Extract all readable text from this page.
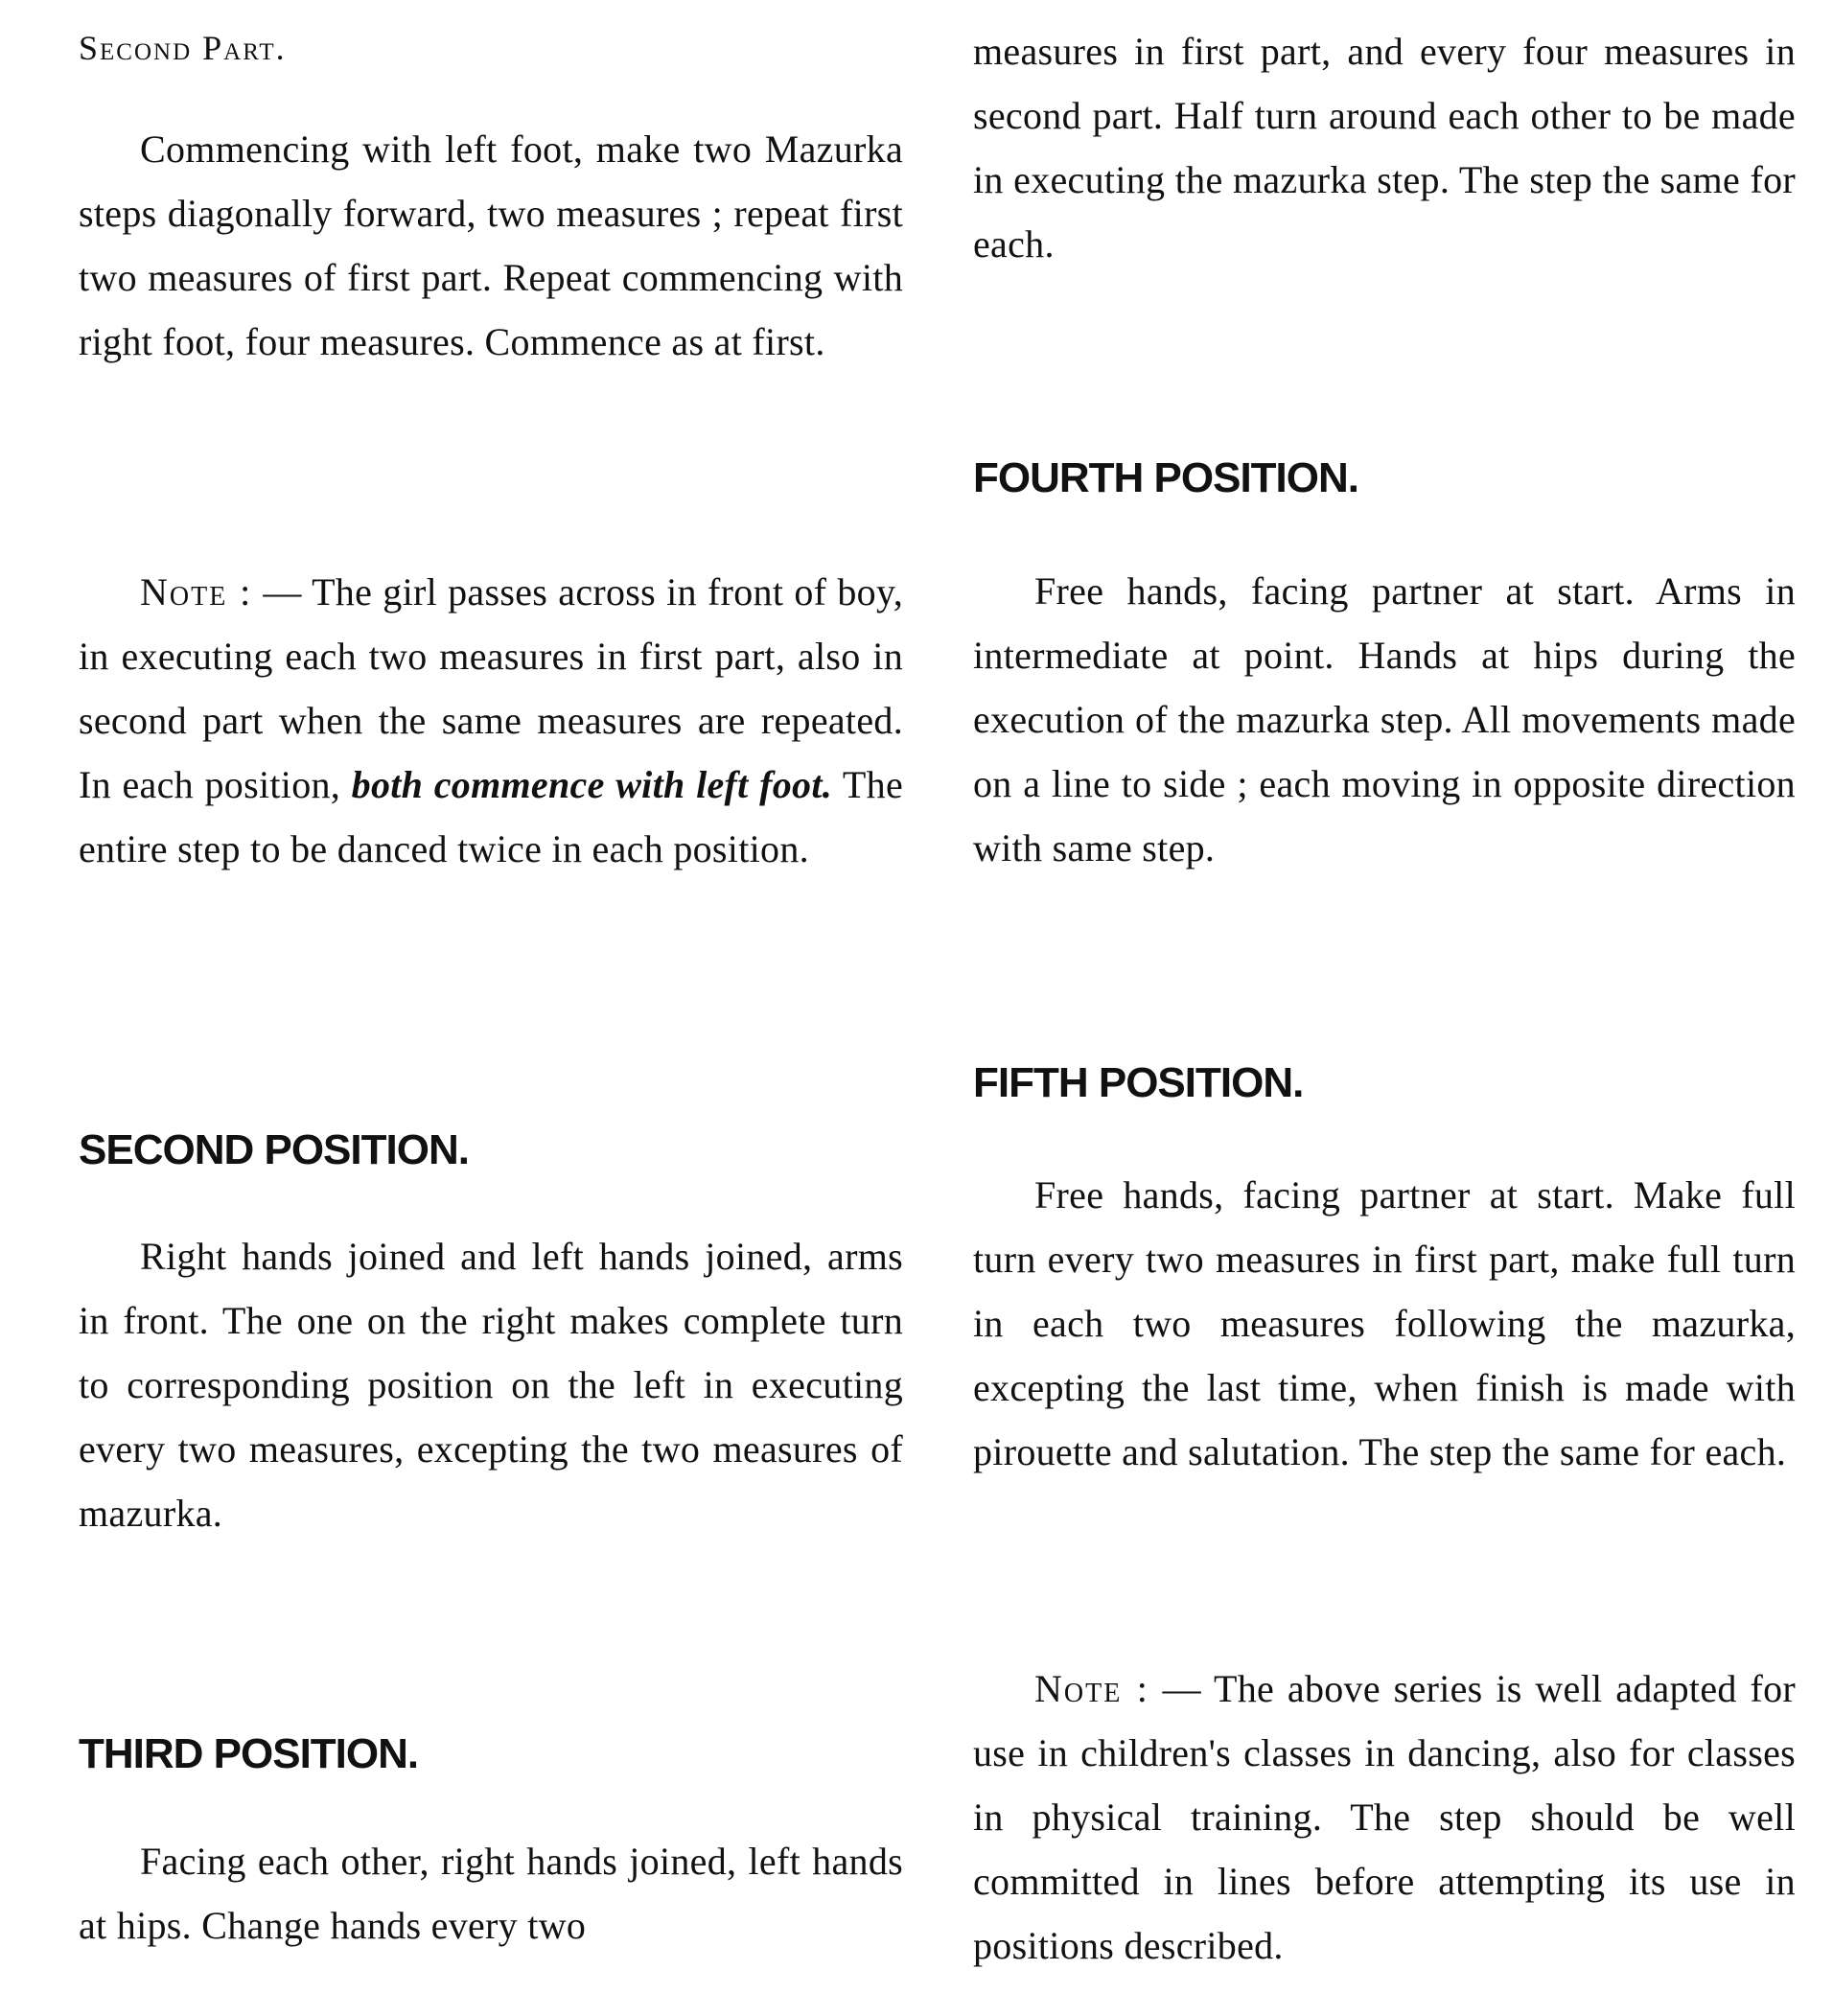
Second Part.

Commencing with left foot, make two Mazurka steps diagonally forward, two measures ; repeat first two measures of first part. Repeat commencing with right foot, four measures. Commence as at first.

Note : — The girl passes across in front of boy, in executing each two measures in first part, also in second part when the same measures are repeated. In each position, both commence with left foot. The entire step to be danced twice in each position.

SECOND POSITION.

Right hands joined and left hands joined, arms in front. The one on the right makes complete turn to corresponding position on the left in executing every two measures, excepting the two measures of mazurka.

THIRD POSITION.

Facing each other, right hands joined, left hands at hips. Change hands every two

measures in first part, and every four measures in second part. Half turn around each other to be made in executing the mazurka step. The step the same for each.

FOURTH POSITION.

Free hands, facing partner at start. Arms in intermediate at point. Hands at hips during the execution of the mazurka step. All movements made on a line to side ; each moving in opposite direction with same step.

FIFTH POSITION.

Free hands, facing partner at start. Make full turn every two measures in first part, make full turn in each two measures following the mazurka, excepting the last time, when finish is made with pirouette and salutation. The step the same for each.

Note : — The above series is well adapted for use in children's classes in dancing, also for classes in physical training. The step should be well committed in lines before attempting its use in positions described.
